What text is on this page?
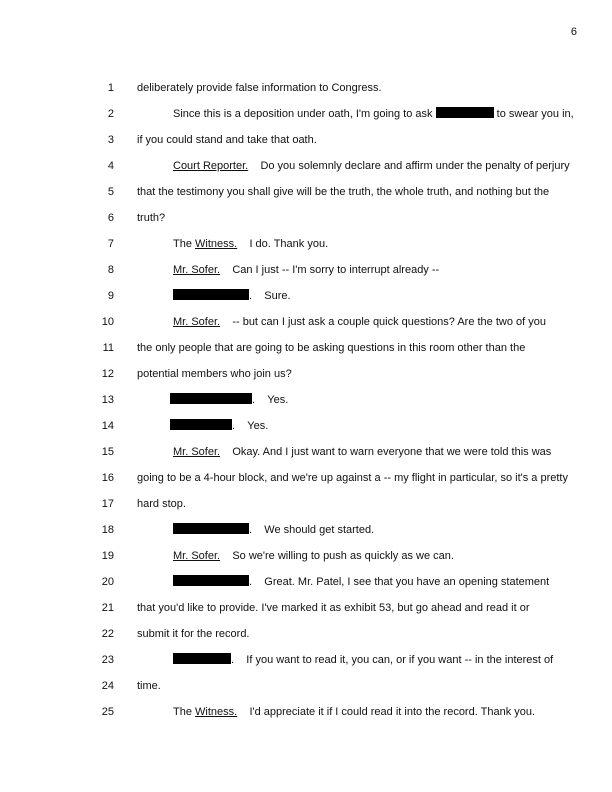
6
1 deliberately provide false information to Congress.
2	Since this is a deposition under oath, I'm going to ask	to swear you in,
3 if you could stand and take that oath.
4	Court Reporter. Do you solemnly declare and affirm under the penalty of perjury
5 that the testimony you shall give will be the truth, the whole truth, and nothing but the
6 truth?
7	The Witness. I do. Thank you.
8	Mr. Sofer. Can I just -- I'm sorry to interrupt already --
9	.    Sure.
10	Mr. Sofer. -- but can I just ask a couple quick questions? Are the two of you
11 the only people that are going to be asking questions in this room other than the
12 potential members who join us?
13	.    Yes.
14	.    Yes.
15	Mr. Sofer. Okay. And I just want to warn everyone that we were told this was
16 going to be a 4-hour block, and we're up against a -- my flight in particular, so it's a pretty
17 hard stop.
18	.    We should get started.
19	Mr. Sofer. So we're willing to push as quickly as we can.
20	.    Great. Mr. Patel, I see that you have an opening statement
21 that you'd like to provide. I've marked it as exhibit 53, but go ahead and read it or
22 submit it for the record.
23	.    If you want to read it, you can, or if you want -- in the interest of
24 time.
25	The Witness. I'd appreciate it if I could read it into the record. Thank you.
